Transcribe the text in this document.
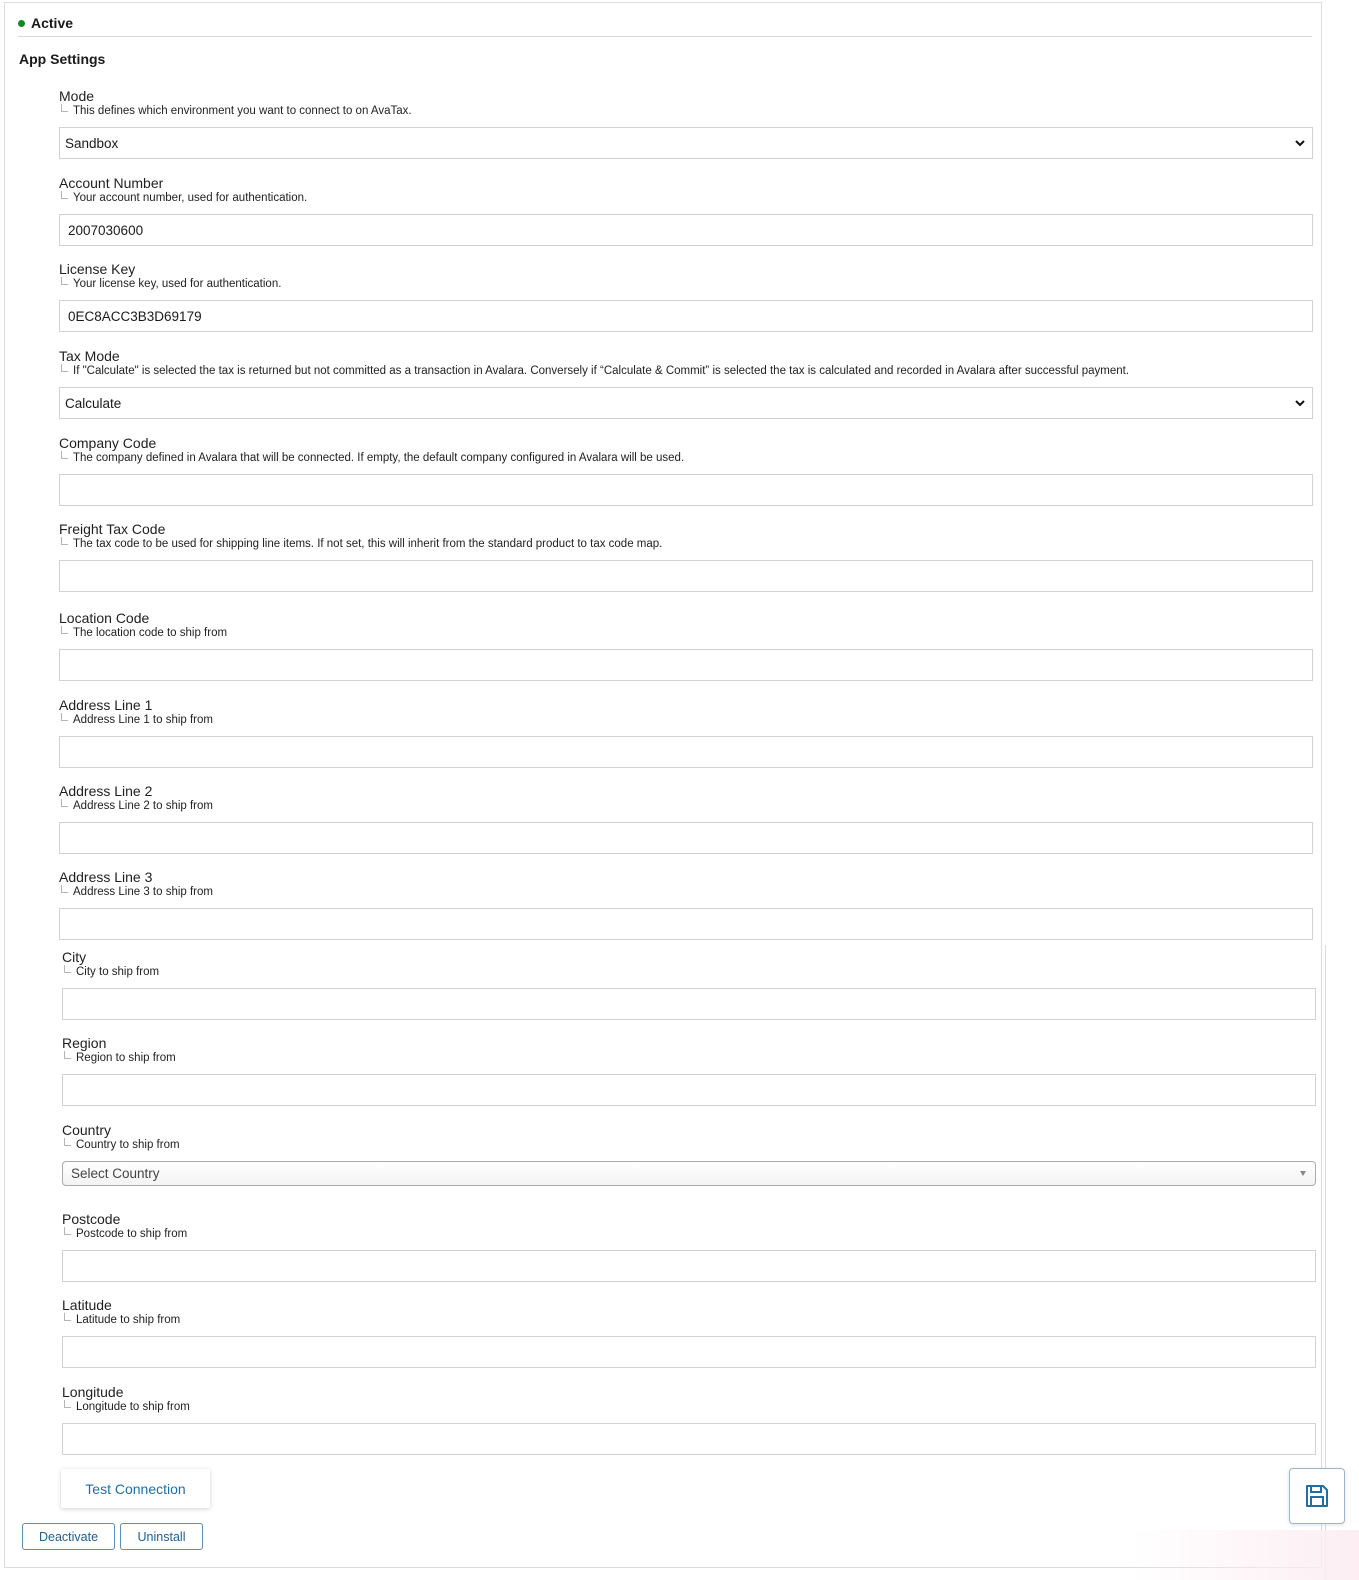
Active
App Settings
Mode
This defines which environment you want to connect to on AvaTax.
Sandbox
Account Number
Your account number, used for authentication.
2007030600
License Key
Your license key, used for authentication.
0EC8ACC3B3D69179
Tax Mode
If "Calculate" is selected the tax is returned but not committed as a transaction in Avalara. Conversely if “Calculate & Commit” is selected the tax is calculated and recorded in Avalara after successful payment.
Calculate
Company Code
The company defined in Avalara that will be connected. If empty, the default company configured in Avalara will be used.
Freight Tax Code
The tax code to be used for shipping line items. If not set, this will inherit from the standard product to tax code map.
Location Code
The location code to ship from
Address Line 1
Address Line 1 to ship from
Address Line 2
Address Line 2 to ship from
Address Line 3
Address Line 3 to ship from
City
City to ship from
Region
Region to ship from
Country
Country to ship from
Select Country
Postcode
Postcode to ship from
Latitude
Latitude to ship from
Longitude
Longitude to ship from
Test Connection
Deactivate	Uninstall
